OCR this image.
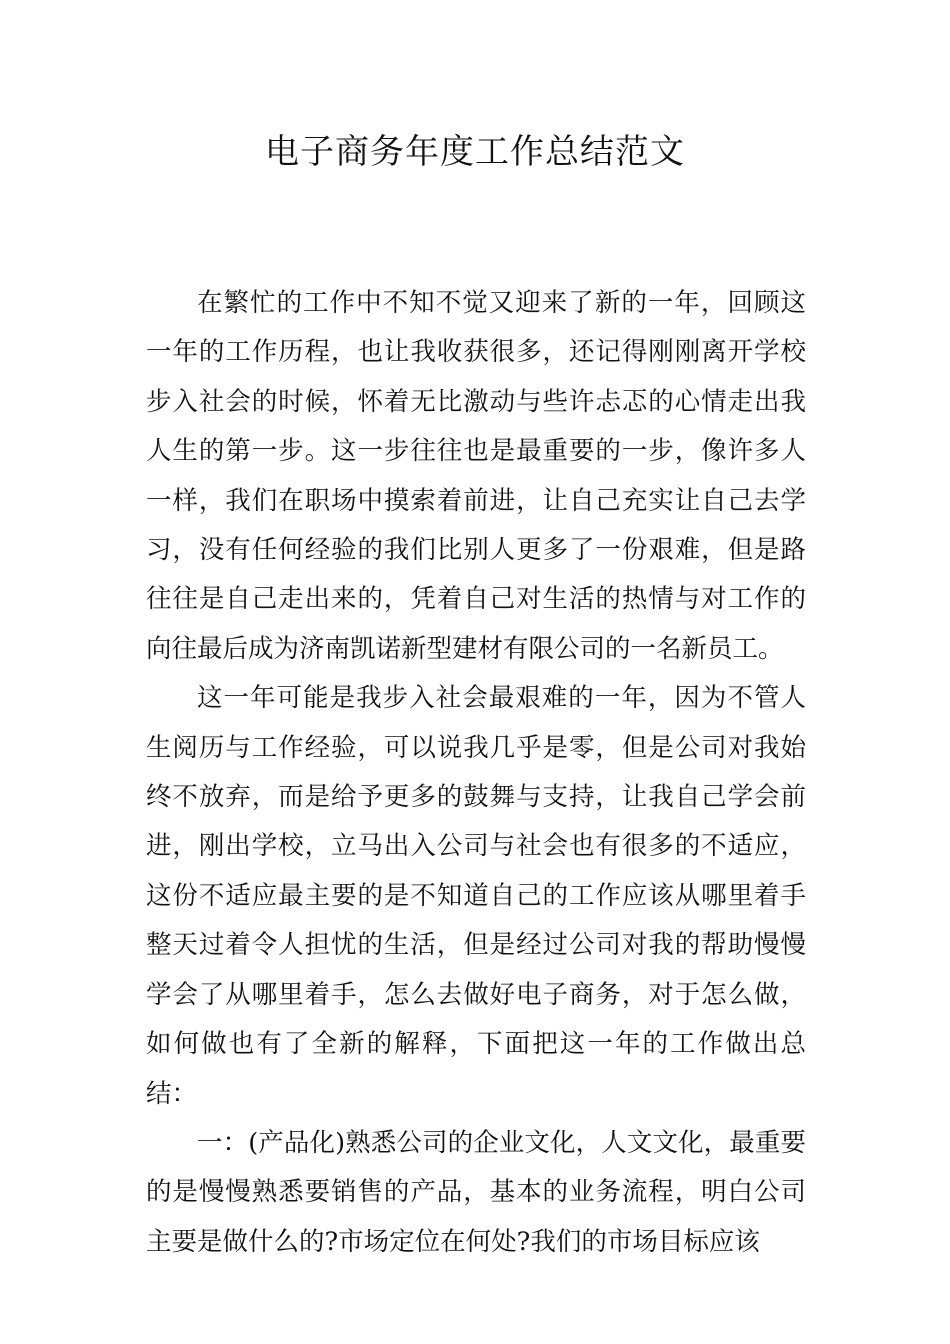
电子商务年度工作总结范文

在繁忙的工作中不知不觉又迎来了新的一年，回顾这一年的工作历程，也让我收获很多，还记得刚刚离开学校步入社会的时候，怀着无比激动与些许忐忑的心情走出我人生的第一步。这一步往往也是最重要的一步，像许多人一样，我们在职场中摸索着前进，让自己充实让自己去学习，没有任何经验的我们比别人更多了一份艰难，但是路往往是自己走出来的，凭着自己对生活的热情与对工作的向往最后成为济南凯诺新型建材有限公司的一名新员工。

这一年可能是我步入社会最艰难的一年，因为不管人生阅历与工作经验，可以说我几乎是零，但是公司对我始终不放弃，而是给予更多的鼓舞与支持，让我自己学会前进，刚出学校，立马出入公司与社会也有很多的不适应，这份不适应最主要的是不知道自己的工作应该从哪里着手整天过着令人担忧的生活，但是经过公司对我的帮助慢慢学会了从哪里着手，怎么去做好电子商务，对于怎么做，如何做也有了全新的解释，下面把这一年的工作做出总结：

一：(产品化)熟悉公司的企业文化，人文文化，最重要的是慢慢熟悉要销售的产品，基本的业务流程，明白公司主要是做什么的?市场定位在何处?我们的市场目标应该
